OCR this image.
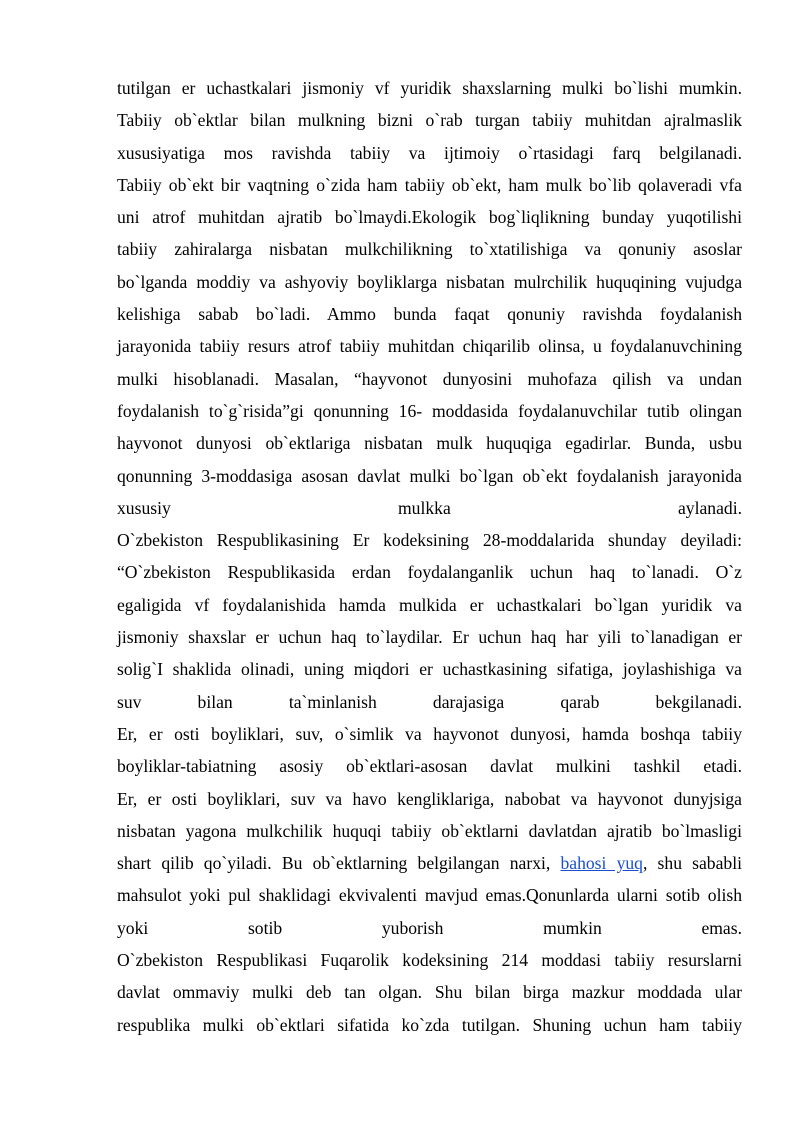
tutilgan er uchastkalari jismoniy vf yuridik shaxslarning mulki bo`lishi mumkin.
Tabiiy ob`ektlar bilan mulkning bizni o`rab turgan tabiiy muhitdan ajralmaslik
xususiyatiga mos ravishda tabiiy va ijtimoiy o`rtasidagi farq belgilanadi.
Tabiiy ob`ekt bir vaqtning o`zida ham tabiiy ob`ekt, ham mulk bo`lib qolaveradi vfa
uni atrof muhitdan ajratib bo`lmaydi.Ekologik bog`liqlikning bunday yuqotilishi
tabiiy zahiralarga nisbatan mulkchilikning to`xtatilishiga va qonuniy asoslar
bo`lganda moddiy va ashyoviy boyliklarga nisbatan mulrchilik huquqining vujudga
kelishiga sabab bo`ladi. Ammo bunda faqat qonuniy ravishda foydalanish
jarayonida tabiiy resurs atrof tabiiy muhitdan chiqarilib olinsa, u foydalanuvchining
mulki hisoblanadi. Masalan, “hayvonot dunyosini muhofaza qilish va undan
foydalanish to`g`risida”gi qonunning 16- moddasida foydalanuvchilar tutib olingan
hayvonot dunyosi ob`ektlariga nisbatan mulk huquqiga egadirlar. Bunda, usbu
qonunning 3-moddasiga asosan davlat mulki bo`lgan ob`ekt foydalanish jarayonida
xususiy mulkka aylanadi.
O`zbekiston Respublikasining Er kodeksining 28-moddalarida shunday deyiladi:
“O`zbekiston Respublikasida erdan foydalanganlik uchun haq to`lanadi. O`z
egaligida vf foydalanishida hamda mulkida er uchastkalari bo`lgan yuridik va
jismoniy shaxslar er uchun haq to`laydilar. Er uchun haq har yili to`lanadigan er
solig`I shaklida olinadi, uning miqdori er uchastkasining sifatiga, joylashishiga va
suv bilan ta`minlanish darajasiga qarab bekgilanadi.
Er, er osti boyliklari, suv, o`simlik va hayvonot dunyosi, hamda boshqa tabiiy
boyliklar-tabiatning asosiy ob`ektlari-asosan davlat mulkini tashkil etadi.
Er, er osti boyliklari, suv va havo kengliklariga, nabobat va hayvonot dunyjsiga
nisbatan yagona mulkchilik huquqi tabiiy ob`ektlarni davlatdan ajratib bo`lmasligi
shart qilib qo`yiladi. Bu ob`ektlarning belgilangan narxi, bahosi yuq, shu sababli
mahsulot yoki pul shaklidagi ekvivalenti mavjud emas.Qonunlarda ularni sotib olish
yoki sotib yuborish mumkin emas.
O`zbekiston Respublikasi Fuqarolik kodeksining 214 moddasi tabiiy resurslarni
davlat ommaviy mulki deb tan olgan. Shu bilan birga mazkur moddada ular
respublika mulki ob`ektlari sifatida ko`zda tutilgan. Shuning uchun ham tabiiy
